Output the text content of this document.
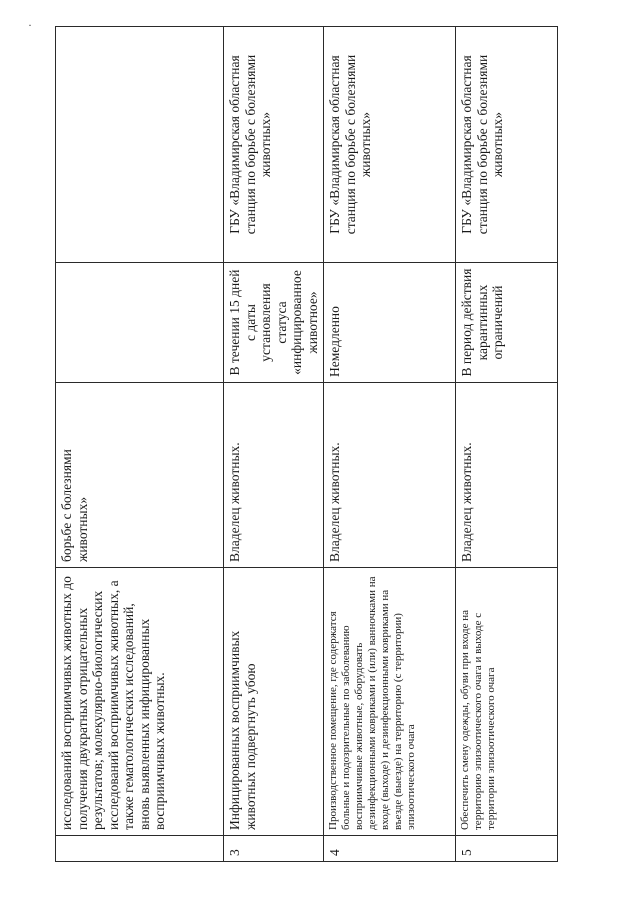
·
	исследований восприимчивых животных до получения двукратных отрицательных результатов; молекулярно-биологических исследований восприимчивых животных, а также гематологических исследований, вновь выявленных инфицированных восприимчивых животных.	борьбе с болезнями животных»		
3	Инфицированных восприимчивых животных подвергнуть убою	Владелец животных.	В течении 15 дней с даты установления статуса «инфицированное животное»	ГБУ «Владимирская областная станция по борьбе с болезнями животных»
4	Производственное помещение, где содержатся больные и подозрительные по заболеванию восприимчивые животные, оборудовать дезинфекционными ковриками и (или) ванночками на входе (выходе) и дезинфекционными ковриками на въезде (выезде) на территорию (с территории) эпизоотического очага	Владелец животных.	Немедленно	ГБУ «Владимирская областная станция по борьбе с болезнями животных»
5	Обеспечить смену одежды, обуви при входе на территорию эпизоотического очага и выходе с территории эпизоотического очага	Владелец животных.	В период действия карантинных ограничений	ГБУ «Владимирская областная станция по борьбе с болезнями животных»
